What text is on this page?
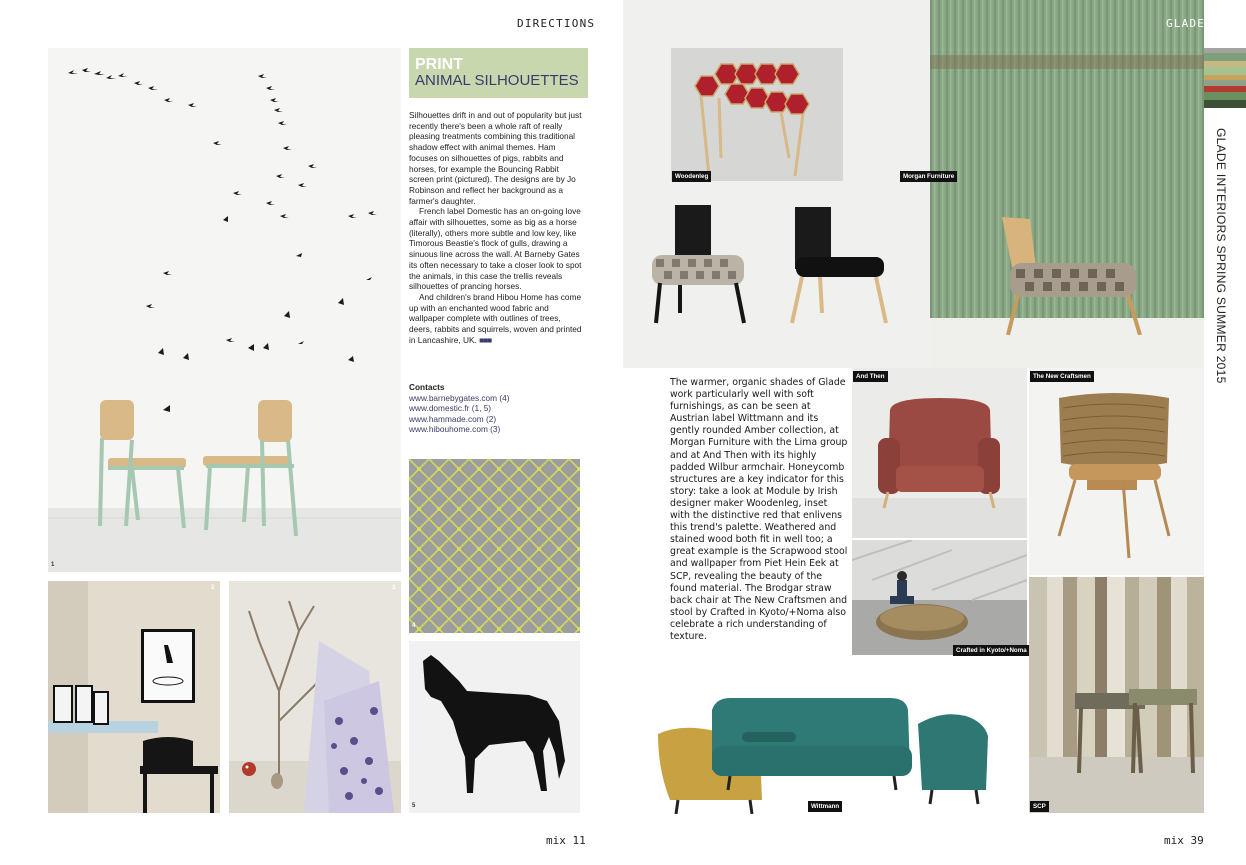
DIRECTIONS
1
PRINT
ANIMAL SILHOUETTES

Silhouettes drift in and out of popularity but just recently there's been a whole raft of really pleasing treatments combining this traditional shadow effect with animal themes. Ham focuses on silhouettes of pigs, rabbits and horses, for example the Bouncing Rabbit screen print (pictured). The designs are by Jo Robinson and reflect her background as a farmer's daughter.

French label Domestic has an on-going love affair with silhouettes, some as big as a horse (literally), others more subtle and low key, like Timorous Beastie's flock of gulls, drawing a sinuous line across the wall. At Barneby Gates its often necessary to take a closer look to spot the animals, in this case the trellis reveals silhouettes of prancing horses.

And children's brand Hibou Home has come up with an enchanted wood fabric and wallpaper complete with outlines of trees, deers, rabbits and squirrels, woven and printed in Lancashire, UK. ■■■

Contacts
www.barnebygates.com (4)
www.domestic.fr (1, 5)
www.hammade.com (2)
www.hibouhome.com (3)
2	3
4
5
mix 11
GLADE
Woodenleg	Morgan Furniture
The warmer, organic shades of Glade work particularly well with soft furnishings, as can be seen at Austrian label Wittmann and its gently rounded Amber collection, at Morgan Furniture with the Lima group and at And Then with its highly padded Wilbur armchair. Honeycomb structures are a key indicator for this story: take a look at Module by Irish designer maker Woodenleg, inset with the distinctive red that enlivens this trend's palette. Weathered and stained wood both fit in well too; a great example is the Scrapwood stool and wallpaper from Piet Hein Eek at SCP, revealing the beauty of the found material. The Brodgar straw back chair at The New Craftsmen and stool by Crafted in Kyoto/+Noma also celebrate a rich understanding of texture.
And Then	The New Craftsmen
Crafted in Kyoto/+Noma
SCP
Wittmann
GLADE INTERIORS SPRING SUMMER 2015
mix 39
